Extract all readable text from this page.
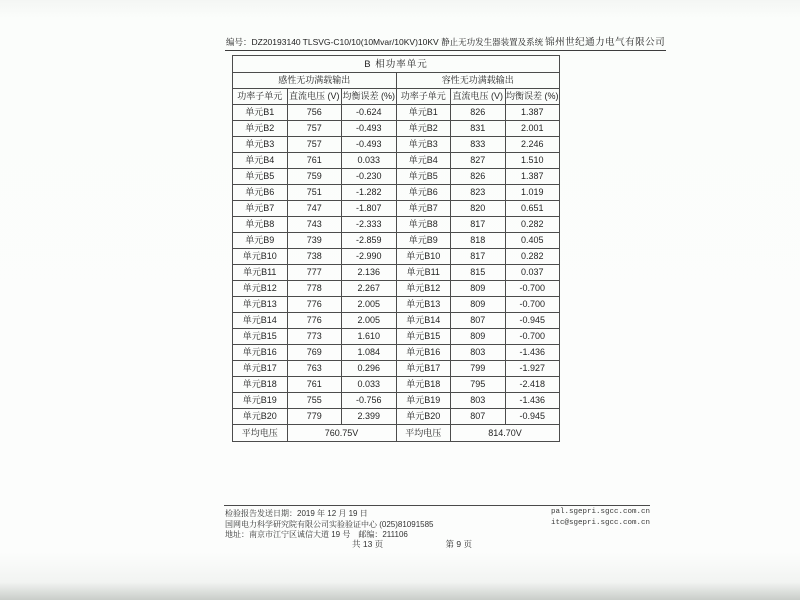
编号：DZ20193140 TLSVG-C10/10(10Mvar/10KV)10KV 静止无功发生器装置及系统 锦州世纪通力电气有限公司
B 相功率单元					
感性无功满载输出			容性无功满载输出		
功率子单元	直流电压 (V)	均衡误差 (%)	功率子单元	直流电压 (V)	均衡误差 (%)
单元B1	756	-0.624	单元B1	826	1.387
单元B2	757	-0.493	单元B2	831	2.001
单元B3	757	-0.493	单元B3	833	2.246
单元B4	761	0.033	单元B4	827	1.510
单元B5	759	-0.230	单元B5	826	1.387
单元B6	751	-1.282	单元B6	823	1.019
单元B7	747	-1.807	单元B7	820	0.651
单元B8	743	-2.333	单元B8	817	0.282
单元B9	739	-2.859	单元B9	818	0.405
单元B10	738	-2.990	单元B10	817	0.282
单元B11	777	2.136	单元B11	815	0.037
单元B12	778	2.267	单元B12	809	-0.700
单元B13	776	2.005	单元B13	809	-0.700
单元B14	776	2.005	单元B14	807	-0.945
单元B15	773	1.610	单元B15	809	-0.700
单元B16	769	1.084	单元B16	803	-1.436
单元B17	763	0.296	单元B17	799	-1.927
单元B18	761	0.033	单元B18	795	-2.418
单元B19	755	-0.756	单元B19	803	-1.436
单元B20	779	2.399	单元B20	807	-0.945
平均电压	760.75V		平均电压	814.70V	
检验报告发送日期：2019 年 12 月 19 日
国网电力科学研究院有限公司实验验证中心 (025)81091585
地址：南京市江宁区诚信大道 19 号　邮编：211106
pal.sgepri.sgcc.com.cn
itc@sgepri.sgcc.com.cn
共 13 页	第 9 页
